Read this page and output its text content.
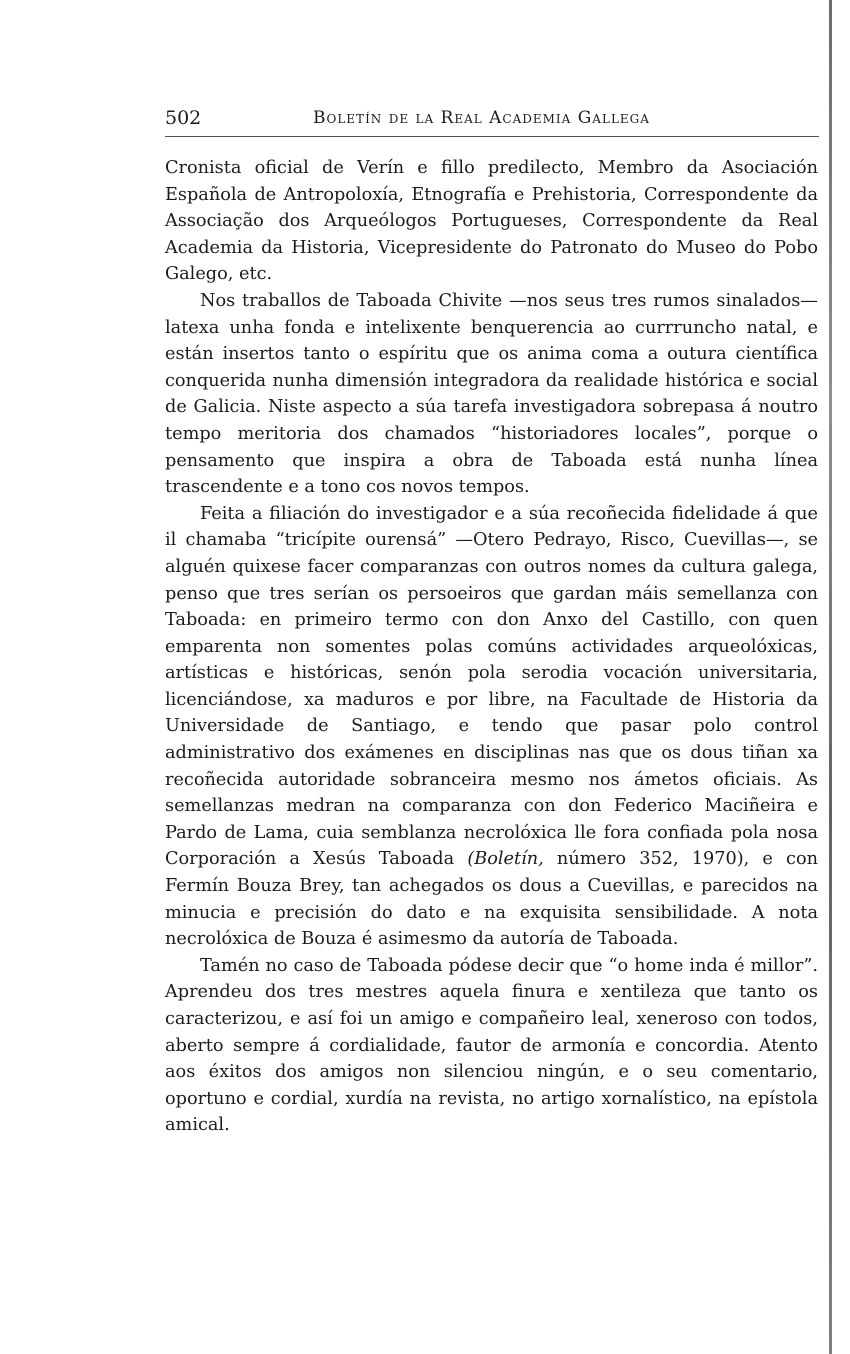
502	Boletín de la Real Academia Gallega

Cronista oficial de Verín e fillo predilecto, Membro da Asociación Española de Antropoloxía, Etnografía e Prehistoria, Correspondente da Associação dos Arqueólogos Portugueses, Correspondente da Real Academia da Historia, Vicepresidente do Patronato do Museo do Pobo Galego, etc.

Nos traballos de Taboada Chivite —nos seus tres rumos sinalados— latexa unha fonda e intelixente benquerencia ao currruncho natal, e están insertos tanto o espíritu que os anima coma a outura científica conquerida nunha dimensión integradora da realidade histórica e social de Galicia. Niste aspecto a súa tarefa investigadora sobrepasa á noutro tempo meritoria dos chamados “historiadores locales”, porque o pensamento que inspira a obra de Taboada está nunha línea trascendente e a tono cos novos tempos.

Feita a filiación do investigador e a súa recoñecida fidelidade á que il chamaba “tricípite ourensá” —Otero Pedrayo, Risco, Cuevillas—, se alguén quixese facer comparanzas con outros nomes da cultura galega, penso que tres serían os persoeiros que gardan máis semellanza con Taboada: en primeiro termo con don Anxo del Castillo, con quen emparenta non somentes polas comúns actividades arqueolóxicas, artísticas e históricas, senón pola serodia vocación universitaria, licenciándose, xa maduros e por libre, na Facultade de Historia da Universidade de Santiago, e tendo que pasar polo control administrativo dos exámenes en disciplinas nas que os dous tiñan xa recoñecida autoridade sobranceira mesmo nos ámetos oficiais. As semellanzas medran na comparanza con don Federico Maciñeira e Pardo de Lama, cuia semblanza necrolóxica lle fora confiada pola nosa Corporación a Xesús Taboada (Boletín, número 352, 1970), e con Fermín Bouza Brey, tan achegados os dous a Cuevillas, e parecidos na minucia e precisión do dato e na exquisita sensibilidade. A nota necrolóxica de Bouza é asimesmo da autoría de Taboada.

Tamén no caso de Taboada pódese decir que “o home inda é millor”. Aprendeu dos tres mestres aquela finura e xentileza que tanto os caracterizou, e así foi un amigo e compañeiro leal, xeneroso con todos, aberto sempre á cordialidade, fautor de armonía e concordia. Atento aos éxitos dos amigos non silenciou ningún, e o seu comentario, oportuno e cordial, xurdía na revista, no artigo xornalístico, na epístola amical.
